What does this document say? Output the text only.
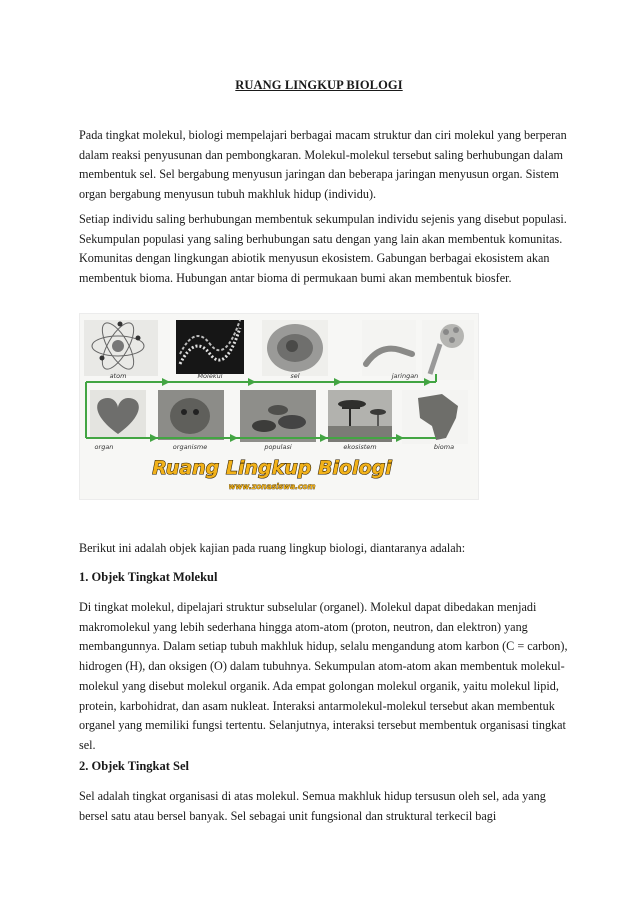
RUANG LINGKUP BIOLOGI

Pada tingkat molekul, biologi mempelajari berbagai macam struktur dan ciri molekul yang berperan dalam reaksi penyusunan dan pembongkaran. Molekul-molekul tersebut saling berhubungan dalam membentuk sel. Sel bergabung menyusun jaringan dan beberapa jaringan menyusun organ. Sistem organ bergabung menyusun tubuh makhluk hidup (individu).

Setiap individu saling berhubungan membentuk sekumpulan individu sejenis yang disebut populasi. Sekumpulan populasi yang saling berhubungan satu dengan yang lain akan membentuk komunitas. Komunitas dengan lingkungan abiotik menyusun ekosistem. Gabungan berbagai ekosistem akan membentuk bioma. Hubungan antar bioma di permukaan bumi akan membentuk biosfer.

atom	Molekul	sel	jaringan
organ	organisme	populasi	ekosistem	bioma
Ruang Lingkup Biologi
www.zonasiswa.com

Berikut ini adalah objek kajian pada ruang lingkup biologi, diantaranya adalah:

1. Objek Tingkat Molekul

Di tingkat molekul, dipelajari struktur subselular (organel). Molekul dapat dibedakan menjadi makromolekul yang lebih sederhana hingga atom-atom (proton, neutron, dan elektron) yang membangunnya. Dalam setiap tubuh makhluk hidup, selalu mengandung atom karbon (C = carbon), hidrogen (H), dan oksigen (O) dalam tubuhnya. Sekumpulan atom-atom akan membentuk molekul-molekul yang disebut molekul organik. Ada empat golongan molekul organik, yaitu molekul lipid, protein, karbohidrat, dan asam nukleat. Interaksi antarmolekul-molekul tersebut akan membentuk organel yang memiliki fungsi tertentu. Selanjutnya, interaksi tersebut membentuk organisasi tingkat sel.

2. Objek Tingkat Sel

Sel adalah tingkat organisasi di atas molekul. Semua makhluk hidup tersusun oleh sel, ada yang bersel satu atau bersel banyak. Sel sebagai unit fungsional dan struktural terkecil bagi
